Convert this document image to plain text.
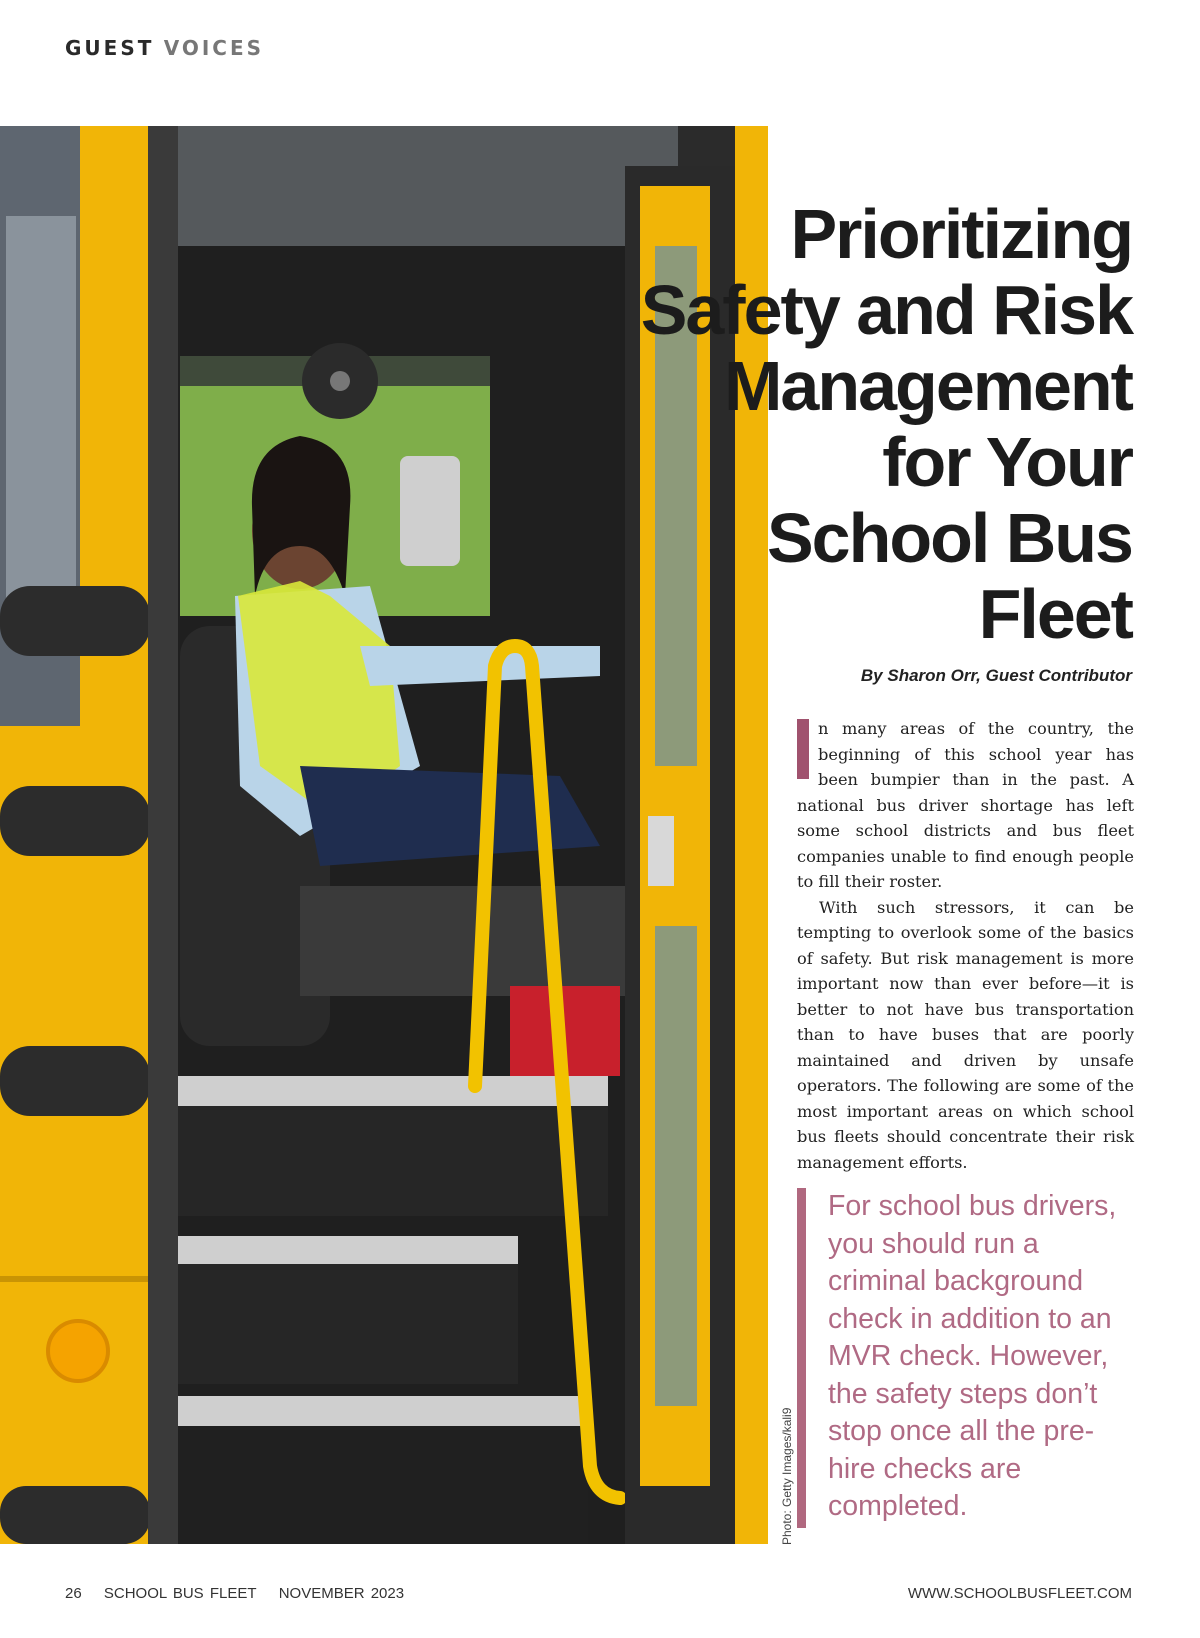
GUEST VOICES
Photo: Getty Images/kali9
Prioritizing
Safety and Risk
Management
for Your
School Bus
Fleet
By Sharon Orr, Guest Contributor

I	n many areas of the country, the beginning of this school year has been bumpier than in the past. A national bus driver shortage has left some school districts and bus fleet companies unable to find enough people to fill their roster.

With such stressors, it can be tempting to overlook some of the basics of safety. But risk management is more important now than ever before—it is better to not have bus transportation than to have buses that are poorly maintained and driven by unsafe operators. The following are some of the most important areas on which school bus fleets should concentrate their risk management efforts.

For school bus drivers, you should run a criminal background check in addition to an MVR check. However, the safety steps don’t stop once all the pre-hire checks are completed.
26 SCHOOL BUS FLEET NOVEMBER 2023	WWW.SCHOOLBUSFLEET.COM
